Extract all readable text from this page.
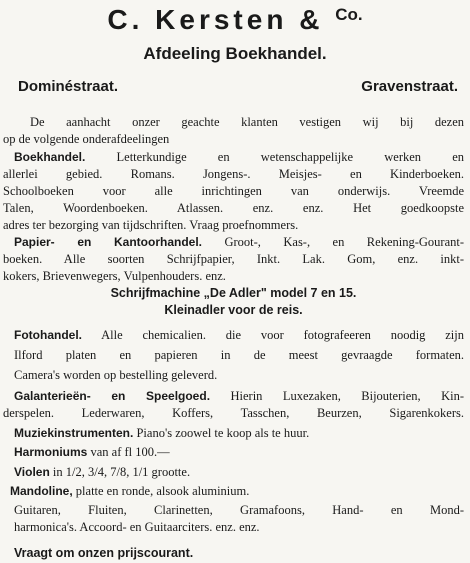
C. Kersten & $^{Co.}$
Afdeeling Boekhandel.
Dominéstraat.	Gravenstraat.
De aanhacht onzer geachte klanten vestigen wij bij dezen
op de volgende onderafdeelingen
Boekhandel. Letterkundige en wetenschappelijke werken en
allerlei gebied. Romans. Jongens-. Meisjes- en Kinderboeken.
Schoolboeken voor alle inrichtingen van onderwijs. Vreemde
Talen, Woordenboeken. Atlassen. enz. enz. Het goedkoopste
adres ter bezorging van tijdschriften. Vraag proefnommers.
Papier- en Kantoorhandel. Groot-, Kas-, en Rekening-Gourant-
boeken. Alle soorten Schrijfpapier, Inkt. Lak. Gom, enz. inkt-
kokers, Brievenwegers, Vulpenhouders. enz.
Schrijfmachine „De Adler" model 7 en 15.
Kleinadler voor de reis.
Fotohandel. Alle chemicalien. die voor fotografeeren noodig zijn
Ilford platen en papieren in de meest gevraagde formaten.
Camera's worden op bestelling geleverd.
Galanterieën- en Speelgoed. Hierin Luxezaken, Bijouterien, Kin-
derspelen. Lederwaren, Koffers, Tasschen, Beurzen, Sigarenkokers.
Muziekinstrumenten. Piano's zoowel te koop als te huur.
Harmoniums van af fl 100.—
Violen in 1/2, 3/4, 7/8, 1/1 grootte.
Mandoline, platte en ronde, alsook aluminium.
Guitaren, Fluiten, Clarinetten, Gramafoons, Hand- en Mond-
harmonica's. Accoord- en Guitaarciters. enz. enz.
Vraagt om onzen prijscourant.
